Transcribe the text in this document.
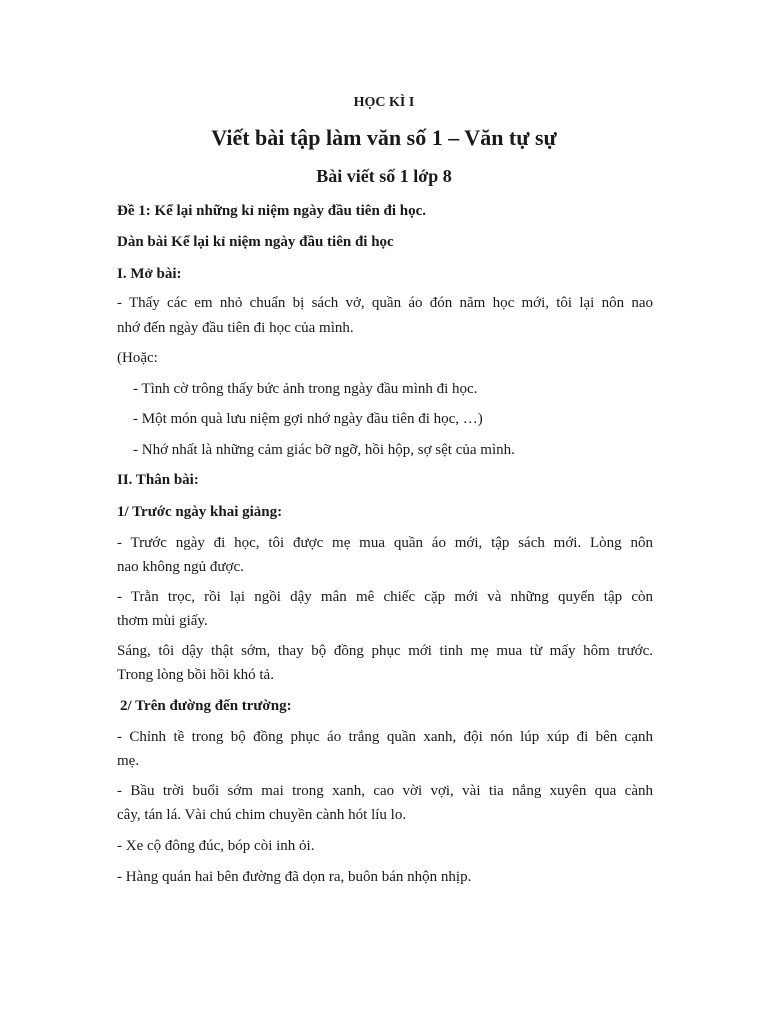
HỌC KÌ I
Viết bài tập làm văn số 1 – Văn tự sự
Bài viết số 1 lớp 8
Đề 1: Kể lại những kỉ niệm ngày đầu tiên đi học.
Dàn bài Kể lại kỉ niệm ngày đầu tiên đi học
I. Mở bài:
- Thấy các em nhỏ chuẩn bị sách vở, quần áo đón năm học mới, tôi lại nôn nao
nhớ đến ngày đầu tiên đi học của mình.
(Hoặc:
- Tình cờ trông thấy bức ảnh trong ngày đầu mình đi học.
- Một món quà lưu niệm gợi nhớ ngày đầu tiên đi học, …)
- Nhớ nhất là những cảm giác bỡ ngỡ, hồi hộp, sợ sệt của mình.
II. Thân bài:
1/ Trước ngày khai giảng:
- Trước ngày đi học, tôi được mẹ mua quần áo mới, tập sách mới. Lòng nôn
nao không ngủ được.
- Trằn trọc, rồi lại ngồi dậy mân mê chiếc cặp mới và những quyển tập còn
thơm mùi giấy.
Sáng, tôi dậy thật sớm, thay bộ đồng phục mới tinh mẹ mua từ mấy hôm trước.
Trong lòng bồi hồi khó tả.
2/ Trên đường đến trường:
- Chỉnh tề trong bộ đồng phục áo trắng quần xanh, đội nón lúp xúp đi bên cạnh
mẹ.
- Bầu trời buổi sớm mai trong xanh, cao vời vợi, vài tia nắng xuyên qua cành
cây, tán lá. Vài chú chim chuyền cành hót líu lo.
- Xe cộ đông đúc, bóp còi inh ỏi.
- Hàng quán hai bên đường đã dọn ra, buôn bán nhộn nhịp.
